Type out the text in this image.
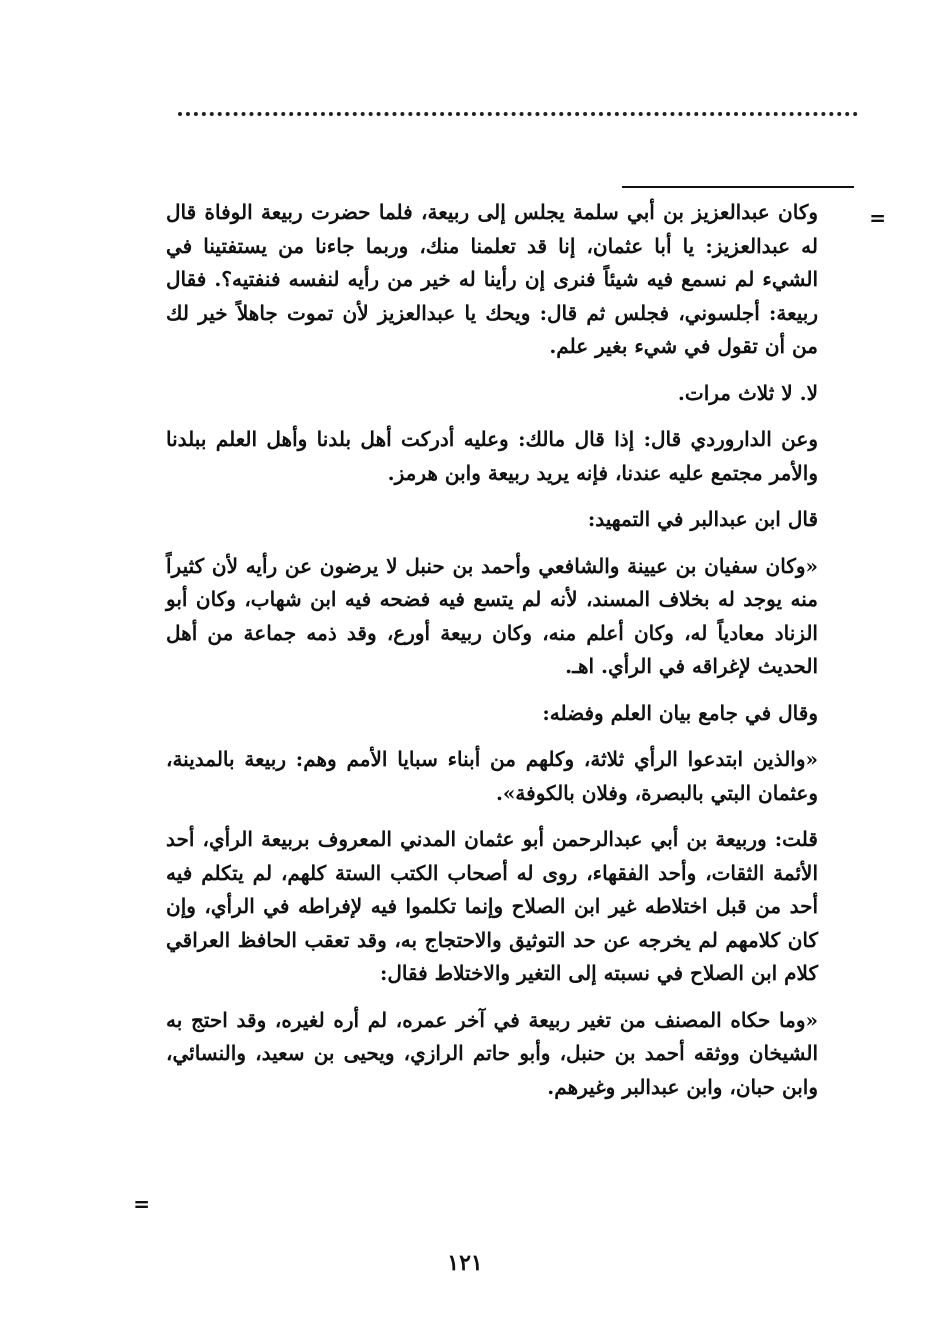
=

وكان عبدالعزيز بن أبي سلمة يجلس إلى ربيعة، فلما حضرت ربيعة الوفاة قال له عبدالعزيز: يا أبا عثمان، إنا قد تعلمنا منك، وربما جاءنا من يستفتينا في الشيء لم نسمع فيه شيئاً فنرى إن رأينا له خير من رأيه لنفسه فنفتيه؟. فقال ربيعة: أجلسوني، فجلس ثم قال: ويحك يا عبدالعزيز لأن تموت جاهلاً خير لك من أن تقول في شيء بغير علم.

لا. لا ثلاث مرات.

وعن الداروردي قال: إذا قال مالك: وعليه أدركت أهل بلدنا وأهل العلم ببلدنا والأمر مجتمع عليه عندنا، فإنه يريد ربيعة وابن هرمز.

قال ابن عبدالبر في التمهيد:

«وكان سفيان بن عيينة والشافعي وأحمد بن حنبل لا يرضون عن رأيه لأن كثيراً منه يوجد له بخلاف المسند، لأنه لم يتسع فيه فضحه فيه ابن شهاب، وكان أبو الزناد معادياً له، وكان أعلم منه، وكان ربيعة أورع، وقد ذمه جماعة من أهل الحديث لإغراقه في الرأي. اهـ.

وقال في جامع بيان العلم وفضله:

«والذين ابتدعوا الرأي ثلاثة، وكلهم من أبناء سبايا الأمم وهم: ربيعة بالمدينة، وعثمان البتي بالبصرة، وفلان بالكوفة».

قلت: وربيعة بن أبي عبدالرحمن أبو عثمان المدني المعروف بربيعة الرأي، أحد الأئمة الثقات، وأحد الفقهاء، روى له أصحاب الكتب الستة كلهم، لم يتكلم فيه أحد من قبل اختلاطه غير ابن الصلاح وإنما تكلموا فيه لإفراطه في الرأي، وإن كان كلامهم لم يخرجه عن حد التوثيق والاحتجاج به، وقد تعقب الحافظ العراقي كلام ابن الصلاح في نسبته إلى التغير والاختلاط فقال:

«وما حكاه المصنف من تغير ربيعة في آخر عمره، لم أره لغيره، وقد احتج به الشيخان ووثقه أحمد بن حنبل، وأبو حاتم الرازي، ويحيى بن سعيد، والنسائي، وابن حبان، وابن عبدالبر وغيرهم.

=
١٢١
